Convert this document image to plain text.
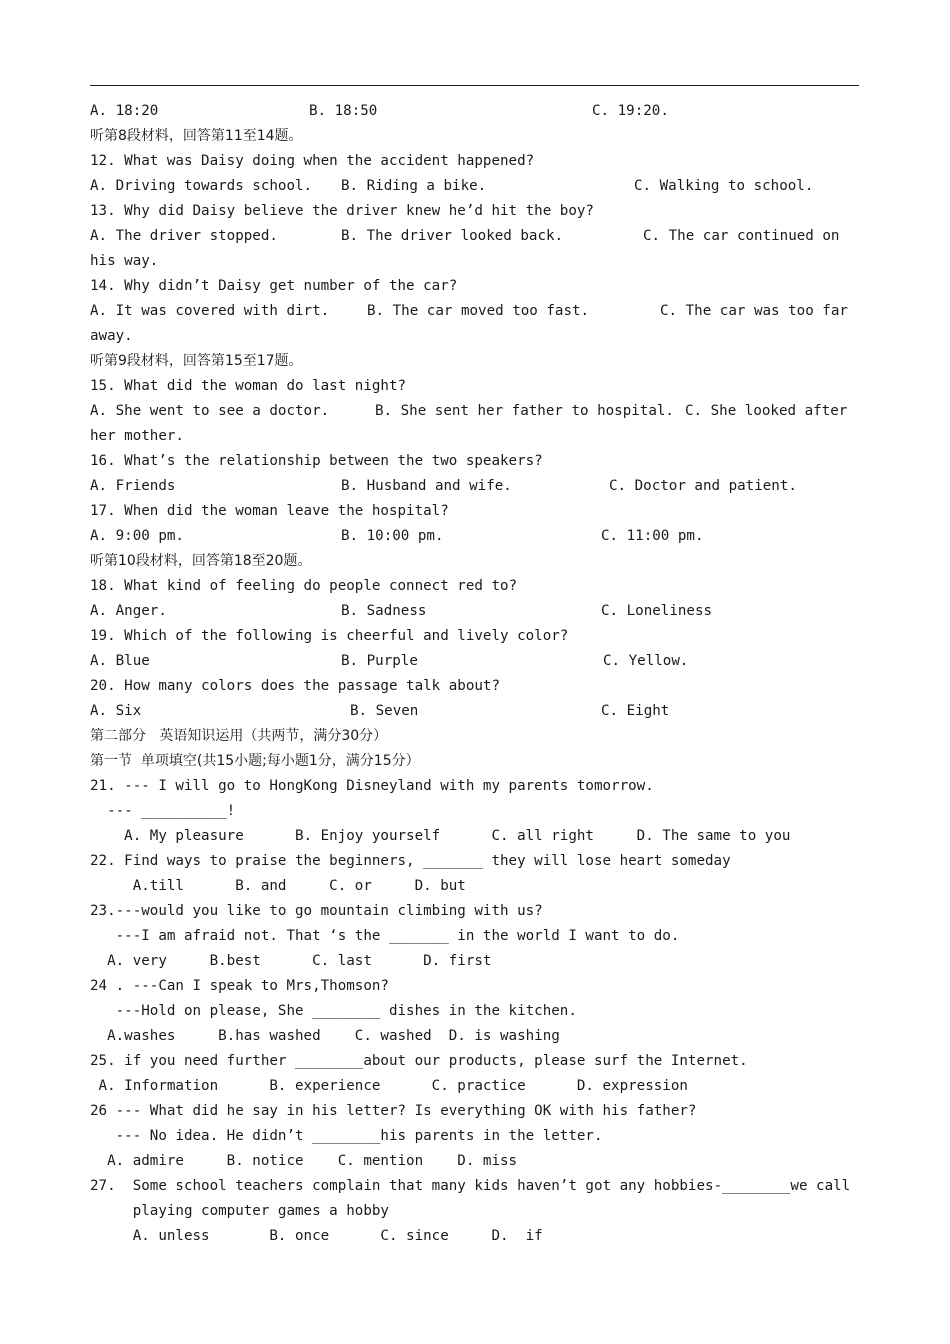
A. 18:20	B. 18:50	C. 19:20.
听第8段材料，回答第11至14题。
12. What was Daisy doing when the accident happened?
A. Driving towards school. B. Riding a bike.	C. Walking to school.
13. Why did Daisy believe the driver knew he’d hit the boy?
A. The driver stopped.	B. The driver looked back.	C. The car continued on
his way.
14. Why didn’t Daisy get number of the car?
A. It was covered with dirt.	B. The car moved too fast.	C. The car was too far
away.
听第9段材料，回答第15至17题。
15. What did the woman do last night?
A. She went to see a doctor.	B. She sent her father to hospital. C. She looked after
her mother.
16. What’s the relationship between the two speakers?
A. Friends	B. Husband and wife.	C. Doctor and patient.
17. When did the woman leave the hospital?
A. 9:00 pm.	B. 10:00 pm.	C. 11:00 pm.
听第10段材料，回答第18至20题。
18. What kind of feeling do people connect red to?
A. Anger.	B. Sadness	C. Loneliness
19. Which of the following is cheerful and lively color?
A. Blue	B. Purple	C. Yellow.
20. How many colors does the passage talk about?
A. Six	B. Seven	C. Eight
第二部分   英语知识运用（共两节，满分30分）
第一节  单项填空(共15小题;每小题1分，满分15分）
21. --- I will go to HongKong Disneyland with my parents tomorrow.
--- __________!
A. My pleasure      B. Enjoy yourself      C. all right     D. The same to you
22. Find ways to praise the beginners, _______ they will lose heart someday
A.till      B. and     C. or     D. but
23.---would you like to go mountain climbing with us?
---I am afraid not. That ‘s the _______ in the world I want to do.
A. very     B.best      C. last      D. first
24 . ---Can I speak to Mrs,Thomson?
---Hold on please, She ________ dishes in the kitchen.
A.washes     B.has washed    C. washed  D. is washing
25. if you need further ________about our products, please surf the Internet.
A. Information      B. experience      C. practice      D. expression
26 --- What did he say in his letter? Is everything OK with his father?
--- No idea. He didn’t ________his parents in the letter.
A. admire     B. notice    C. mention    D. miss
27.  Some school teachers complain that many kids haven’t got any hobbies-________we call
playing computer games a hobby
A. unless       B. once      C. since     D.  if
